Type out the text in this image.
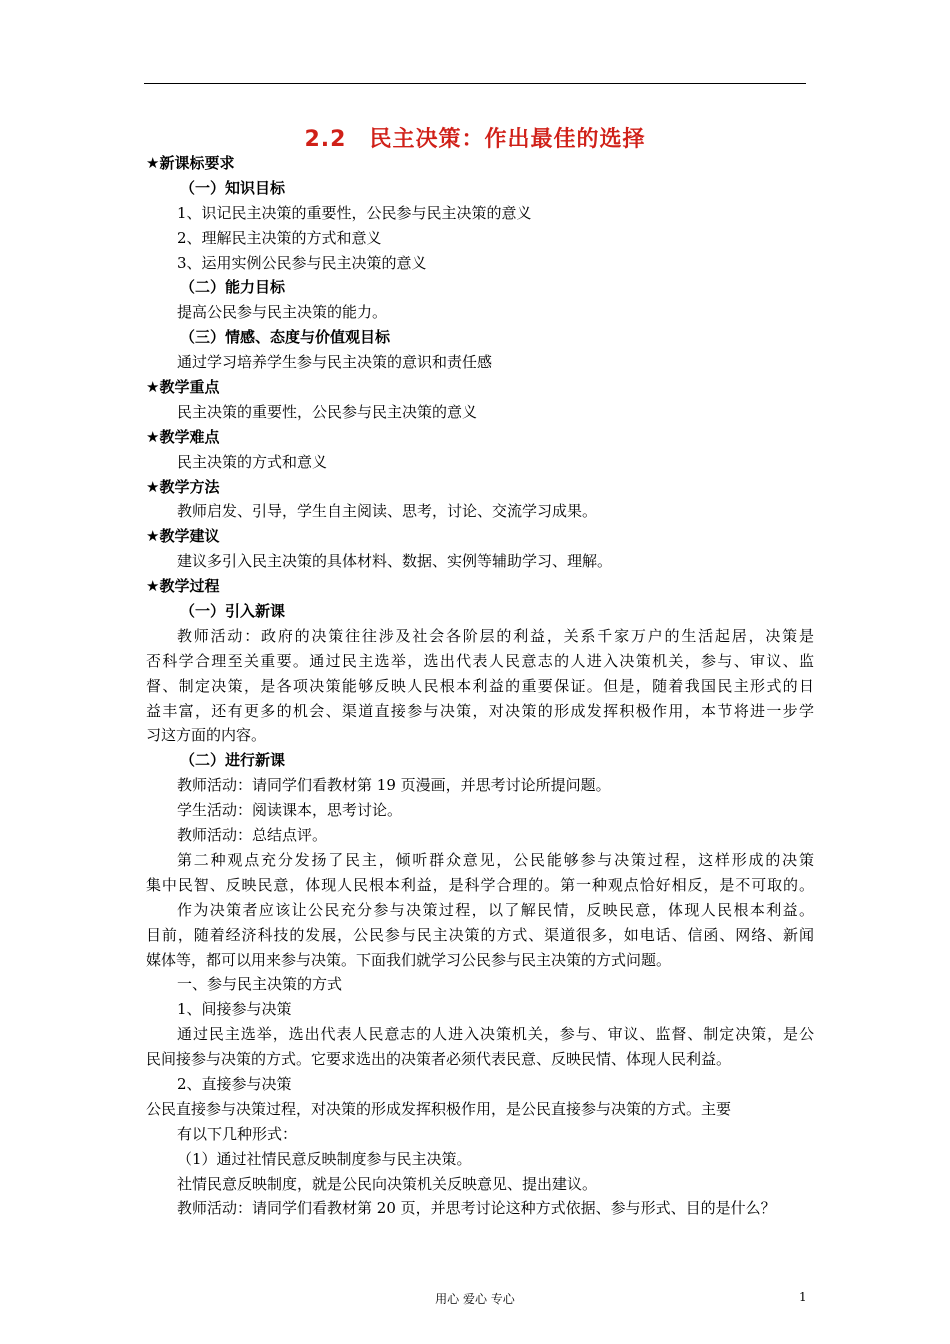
2.2　民主决策：作出最佳的选择
★新课标要求
（一）知识目标
1、识记民主决策的重要性，公民参与民主决策的意义
2、理解民主决策的方式和意义
3、运用实例公民参与民主决策的意义
（二）能力目标
提高公民参与民主决策的能力。
（三）情感、态度与价值观目标
通过学习培养学生参与民主决策的意识和责任感
★教学重点
民主决策的重要性，公民参与民主决策的意义
★教学难点
民主决策的方式和意义
★教学方法
教师启发、引导，学生自主阅读、思考，讨论、交流学习成果。
★教学建议
建议多引入民主决策的具体材料、数据、实例等辅助学习、理解。
★教学过程
（一）引入新课
教师活动：政府的决策往往涉及社会各阶层的利益，关系千家万户的生活起居，决策是
否科学合理至关重要。通过民主选举，选出代表人民意志的人进入决策机关，参与、审议、监
督、制定决策，是各项决策能够反映人民根本利益的重要保证。但是，随着我国民主形式的日
益丰富，还有更多的机会、渠道直接参与决策，对决策的形成发挥积极作用，本节将进一步学
习这方面的内容。
（二）进行新课
教师活动：请同学们看教材第 19 页漫画，并思考讨论所提问题。
学生活动：阅读课本，思考讨论。
教师活动：总结点评。
第二种观点充分发扬了民主，倾听群众意见，公民能够参与决策过程，这样形成的决策
集中民智、反映民意，体现人民根本利益，是科学合理的。第一种观点恰好相反，是不可取的。
作为决策者应该让公民充分参与决策过程，以了解民情，反映民意，体现人民根本利益。
目前，随着经济科技的发展，公民参与民主决策的方式、渠道很多，如电话、信函、网络、新闻
媒体等，都可以用来参与决策。下面我们就学习公民参与民主决策的方式问题。
一、参与民主决策的方式
1、间接参与决策
通过民主选举，选出代表人民意志的人进入决策机关，参与、审议、监督、制定决策，是公
民间接参与决策的方式。它要求选出的决策者必须代表民意、反映民情、体现人民利益。
2、直接参与决策
公民直接参与决策过程，对决策的形成发挥积极作用，是公民直接参与决策的方式。主要
有以下几种形式：
（1）通过社情民意反映制度参与民主决策。
社情民意反映制度，就是公民向决策机关反映意见、提出建议。
教师活动：请同学们看教材第 20 页，并思考讨论这种方式依据、参与形式、目的是什么？
用心 爱心 专心	1
